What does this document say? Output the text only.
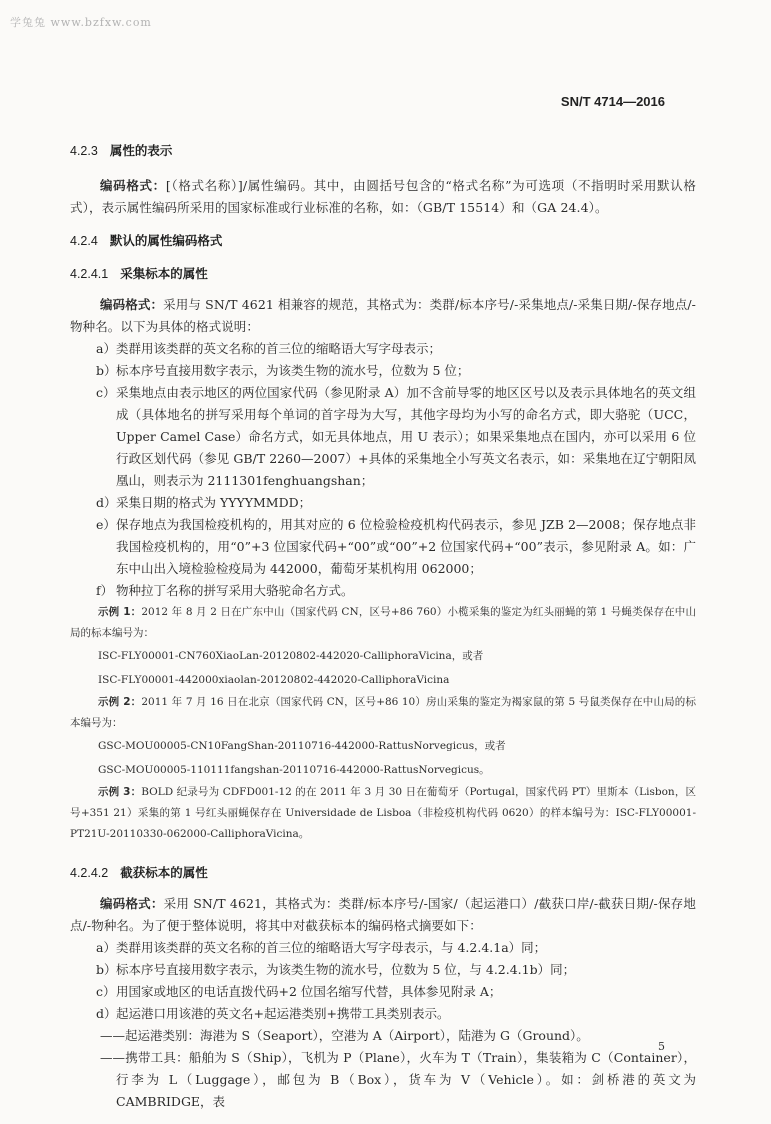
学兔兔 www.bzfxw.com
SN/T 4714—2016
4.2.3 属性的表示
编码格式：[（格式名称）]/属性编码。其中，由圆括号包含的“格式名称”为可选项（不指明时采用默认格式），表示属性编码所采用的国家标准或行业标准的名称，如：（GB/T 15514）和（GA 24.4）。
4.2.4 默认的属性编码格式
4.2.4.1 采集标本的属性
编码格式：采用与 SN/T 4621 相兼容的规范，其格式为：类群/标本序号/-采集地点/-采集日期/-保存地点/-物种名。以下为具体的格式说明：
a） 类群用该类群的英文名称的首三位的缩略语大写字母表示；
b） 标本序号直接用数字表示，为该类生物的流水号，位数为 5 位；
c） 采集地点由表示地区的两位国家代码（参见附录 A）加不含前导零的地区区号以及表示具体地名的英文组成（具体地名的拼写采用每个单词的首字母为大写，其他字母均为小写的命名方式，即大骆驼（UCC，Upper Camel Case）命名方式，如无具体地点，用 U 表示）；如果采集地点在国内，亦可以采用 6 位行政区划代码（参见 GB/T 2260—2007）+具体的采集地全小写英文名表示，如：采集地在辽宁朝阳凤凰山，则表示为 2111301fenghuangshan；
d） 采集日期的格式为 YYYYMMDD；
e） 保存地点为我国检疫机构的，用其对应的 6 位检验检疫机构代码表示，参见 JZB 2—2008；保存地点非我国检疫机构的，用“0”+3 位国家代码+“00”或“00”+2 位国家代码+“00”表示，参见附录 A。如：广东中山出入境检验检疫局为 442000，葡萄牙某机构用 062000；
f） 物种拉丁名称的拼写采用大骆驼命名方式。
示例 1：2012 年 8 月 2 日在广东中山（国家代码 CN，区号+86 760）小榄采集的鉴定为红头丽蝇的第 1 号蝇类保存在中山局的标本编号为：
ISC-FLY00001-CN760XiaoLan-20120802-442020-CalliphoraVicina，或者
ISC-FLY00001-442000xiaolan-20120802-442020-CalliphoraVicina
示例 2：2011 年 7 月 16 日在北京（国家代码 CN，区号+86 10）房山采集的鉴定为褐家鼠的第 5 号鼠类保存在中山局的标本编号为：
GSC-MOU00005-CN10FangShan-20110716-442000-RattusNorvegicus，或者
GSC-MOU00005-110111fangshan-20110716-442000-RattusNorvegicus。
示例 3：BOLD 纪录号为 CDFD001-12 的在 2011 年 3 月 30 日在葡萄牙（Portugal，国家代码 PT）里斯本（Lisbon，区号+351 21）采集的第 1 号红头丽蝇保存在 Universidade de Lisboa（非检疫机构代码 0620）的样本编号为：ISC-FLY00001-PT21U-20110330-062000-CalliphoraVicina。
4.2.4.2 截获标本的属性
编码格式：采用 SN/T 4621，其格式为：类群/标本序号/-国家/（起运港口）/截获口岸/-截获日期/-保存地点/-物种名。为了便于整体说明，将其中对截获标本的编码格式摘要如下：
a） 类群用该类群的英文名称的首三位的缩略语大写字母表示，与 4.2.4.1a）同；
b） 标本序号直接用数字表示，为该类生物的流水号，位数为 5 位，与 4.2.4.1b）同；
c） 用国家或地区的电话直拨代码+2 位国名缩写代替，具体参见附录 A；
d） 起运港口用该港的英文名+起运港类别+携带工具类别表示。
——起运港类别：海港为 S（Seaport），空港为 A（Airport），陆港为 G（Ground）。
——携带工具：船舶为 S（Ship），飞机为 P（Plane），火车为 T（Train），集装箱为 C（Container），行李为 L（Luggage），邮包为 B（Box），货车为 V（Vehicle）。如：剑桥港的英文为 CAMBRIDGE，表
5
